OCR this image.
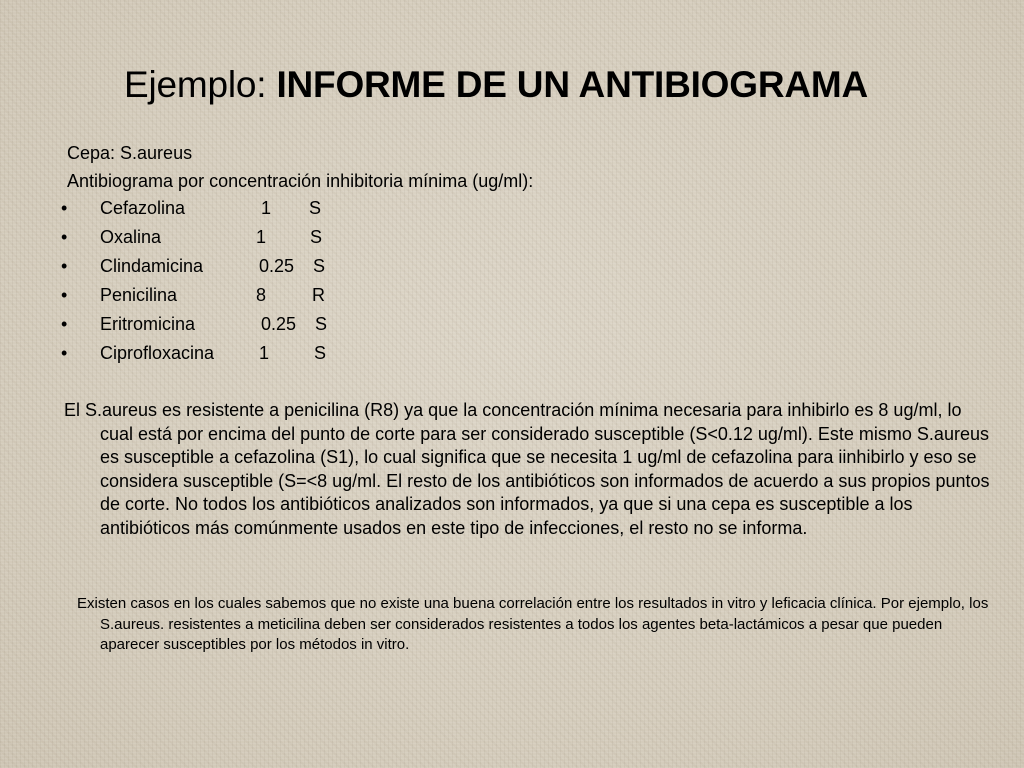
Ejemplo: INFORME DE UN ANTIBIOGRAMA
Cepa: S.aureus
Antibiograma por concentración inhibitoria mínima (ug/ml):
• Cefazolina	1 S
• Oxalina	1 S
• Clindamicina	0.25 S
• Penicilina	8	R
• Eritromicina	0.25 S
• Ciprofloxacina 1 S

El S.aureus es resistente a penicilina (R8) ya que la concentración mínima necesaria para inhibirlo es 8 ug/ml, lo cual está por encima del punto de corte para ser considerado susceptible (S<0.12 ug/ml). Este mismo S.aureus es susceptible a cefazolina (S1), lo cual significa que se necesita 1 ug/ml de cefazolina para iinhibirlo y eso se considera susceptible (S=<8 ug/ml. El resto de los antibióticos son informados de acuerdo a sus propios puntos de corte. No todos los antibióticos analizados son informados, ya que si una cepa es susceptible a los antibióticos más comúnmente usados en este tipo de infecciones, el resto no se informa.

Existen casos en los cuales sabemos que no existe una buena correlación entre los resultados in vitro y leficacia clínica. Por ejemplo, los S.aureus. resistentes a meticilina deben ser considerados resistentes a todos los agentes beta-lactámicos a pesar que pueden aparecer susceptibles por los métodos in vitro.
